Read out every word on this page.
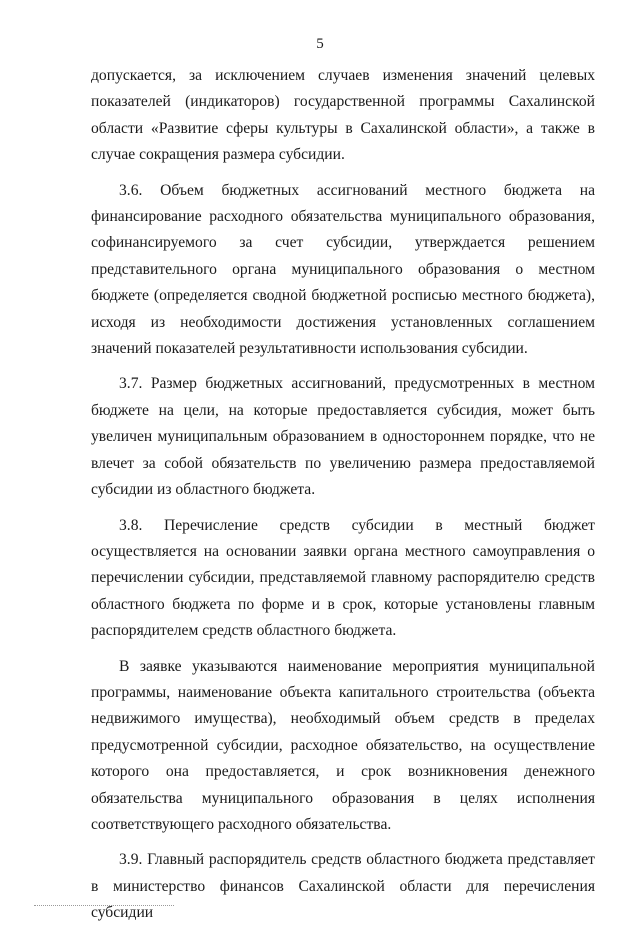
5

допускается, за исключением случаев изменения значений целевых показателей (индикаторов) государственной программы Сахалинской области «Развитие сферы культуры в Сахалинской области», а также в случае сокращения размера субсидии.

3.6. Объем бюджетных ассигнований местного бюджета на финансирование расходного обязательства муниципального образования, софинансируемого за счет субсидии, утверждается решением представительного органа муниципального образования о местном бюджете (определяется сводной бюджетной росписью местного бюджета), исходя из необходимости достижения установленных соглашением значений показателей результативности использования субсидии.

3.7. Размер бюджетных ассигнований, предусмотренных в местном бюджете на цели, на которые предоставляется субсидия, может быть увеличен муниципальным образованием в одностороннем порядке, что не влечет за собой обязательств по увеличению размера предоставляемой субсидии из областного бюджета.

3.8. Перечисление средств субсидии в местный бюджет осуществляется на основании заявки органа местного самоуправления о перечислении субсидии, представляемой главному распорядителю средств областного бюджета по форме и в срок, которые установлены главным распорядителем средств областного бюджета.

В заявке указываются наименование мероприятия муниципальной программы, наименование объекта капитального строительства (объекта недвижимого имущества), необходимый объем средств в пределах предусмотренной субсидии, расходное обязательство, на осуществление которого она предоставляется, и срок возникновения денежного обязательства муниципального образования в целях исполнения соответствующего расходного обязательства.

3.9. Главный распорядитель средств областного бюджета представляет в министерство финансов Сахалинской области для перечисления субсидии
